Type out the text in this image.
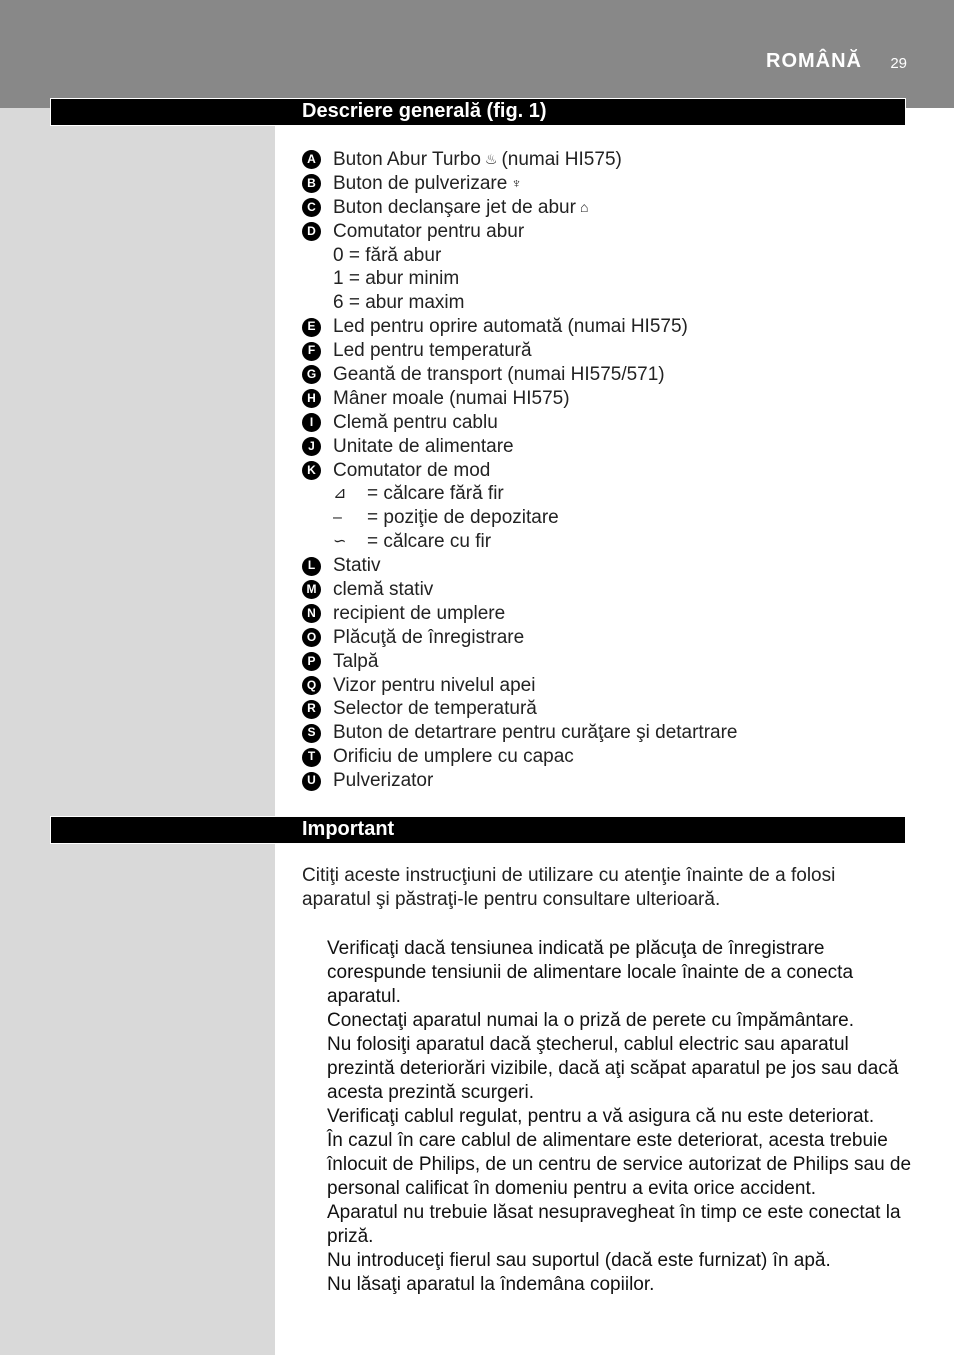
ROMÂNĂ 29
Descriere generală (fig. 1)
A Buton Abur Turbo ♨ (numai HI575)
B Buton de pulverizare ♆
C Buton declanşare jet de abur ⌂
D Comutator pentru abur
0 = fără abur
1 = abur minim
6 = abur maxim
E Led pentru oprire automată (numai HI575)
F Led pentru temperatură
G Geantă de transport (numai HI575/571)
H Mâner moale (numai HI575)
I	Clemă pentru cablu
J Unitate de alimentare
K Comutator de mod
⊿	= călcare fără fir
–	= poziţie de depozitare
∽	= călcare cu fir
L Stativ
M clemă stativ
N recipient de umplere
O Plăcuţă de înregistrare
P Talpă
Q Vizor pentru nivelul apei
R Selector de temperatură
S Buton de detartrare pentru curăţare şi detartrare
T Orificiu de umplere cu capac
U Pulverizator
Important
Citiţi aceste instrucţiuni de utilizare cu atenţie înainte de a folosi aparatul şi păstraţi-le pentru consultare ulterioară.

Verificaţi dacă tensiunea indicată pe plăcuţa de înregistrare corespunde tensiunii de alimentare locale înainte de a conecta aparatul.

Conectaţi aparatul numai la o priză de perete cu împământare.

Nu folosiţi aparatul dacă ştecherul, cablul electric sau aparatul prezintă deteriorări vizibile, dacă aţi scăpat aparatul pe jos sau dacă acesta prezintă scurgeri.

Verificaţi cablul regulat, pentru a vă asigura că nu este deteriorat.

În cazul în care cablul de alimentare este deteriorat, acesta trebuie înlocuit de Philips, de un centru de service autorizat de Philips sau de personal calificat în domeniu pentru a evita orice accident.

Aparatul nu trebuie lăsat nesupravegheat în timp ce este conectat la priză.

Nu introduceţi fierul sau suportul (dacă este furnizat) în apă.

Nu lăsaţi aparatul la îndemâna copiilor.
